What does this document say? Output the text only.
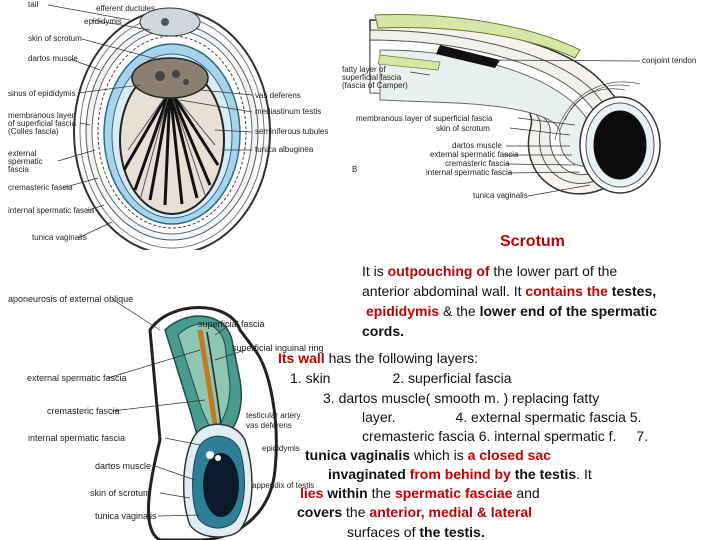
tail	efferent ductules
epididymis
skin of scrotum
dartos muscle
sinus of epididymis
membranous layer of superficial fascia (Colles fascia)
external spermatic fascia
cremasteric fascia
internal spermatic fascia
tunica vaginalis
vas deferens
mediastinum testis
seminiferous tubules
tunica albuginea
conjoint tendon
fatty layer of superficial fascia (fascia of Camper)
membranous layer of superficial fascia
skin of scrotum
dartos muscle
external spermatic fascia
cremasteric fascia
internal spermatic fascia
tunica vaginalis
B
aponeurosis of external oblique
superficial fascia
superficial inguinal ring
external spermatic fascia
cremasteric fascia
internal spermatic fascia
dartos muscle
skin of scrotum
tunica vaginalis
testicular artery
vas deferens
epididymis
appendix of testis
Scrotum
It is outpouching of the lower part of the
anterior abdominal wall. It contains the testes,
epididymis & the lower end of the spermatic
cords.
Its wall has the following layers:
1. skin	2. superficial fascia
3. dartos muscle( smooth m. ) replacing fatty
layer.	4. external spermatic fascia 5.
cremasteric fascia 6. internal spermatic f. 7.
tunica vaginalis which is a closed sac
invaginated from behind by the testis. It
lies within the spermatic fasciae and
covers the anterior, medial & lateral
surfaces of the testis.
